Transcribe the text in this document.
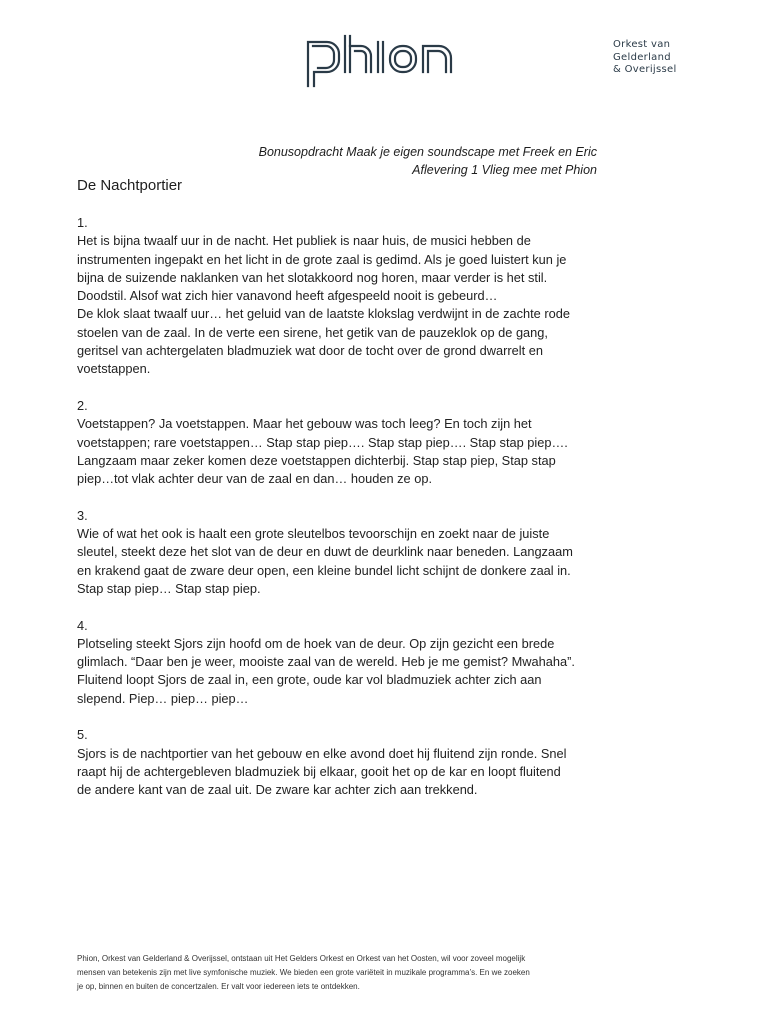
Orkest van
Gelderland
& Overijssel
Bonusopdracht Maak je eigen soundscape met Freek en Eric
Aflevering 1 Vlieg mee met Phion
De Nachtportier
1.
Het is bijna twaalf uur in de nacht. Het publiek is naar huis, de musici hebben de
instrumenten ingepakt en het licht in de grote zaal is gedimd. Als je goed luistert kun je
bijna de suizende naklanken van het slotakkoord nog horen, maar verder is het stil.
Doodstil. Alsof wat zich hier vanavond heeft afgespeeld nooit is gebeurd…
De klok slaat twaalf uur… het geluid van de laatste klokslag verdwijnt in de zachte rode
stoelen van de zaal. In de verte een sirene, het getik van de pauzeklok op de gang,
geritsel van achtergelaten bladmuziek wat door de tocht over de grond dwarrelt en
voetstappen.
2.
Voetstappen? Ja voetstappen. Maar het gebouw was toch leeg? En toch zijn het
voetstappen; rare voetstappen… Stap stap piep…. Stap stap piep…. Stap stap piep….
Langzaam maar zeker komen deze voetstappen dichterbij. Stap stap piep, Stap stap
piep…tot vlak achter deur van de zaal en dan… houden ze op.
3.
Wie of wat het ook is haalt een grote sleutelbos tevoorschijn en zoekt naar de juiste
sleutel, steekt deze het slot van de deur en duwt de deurklink naar beneden. Langzaam
en krakend gaat de zware deur open, een kleine bundel licht schijnt de donkere zaal in.
Stap stap piep… Stap stap piep.
4.
Plotseling steekt Sjors zijn hoofd om de hoek van de deur. Op zijn gezicht een brede
glimlach. “Daar ben je weer, mooiste zaal van de wereld. Heb je me gemist? Mwahaha”.
Fluitend loopt Sjors de zaal in, een grote, oude kar vol bladmuziek achter zich aan
slepend. Piep… piep… piep…
5.
Sjors is de nachtportier van het gebouw en elke avond doet hij fluitend zijn ronde. Snel
raapt hij de achtergebleven bladmuziek bij elkaar, gooit het op de kar en loopt fluitend
de andere kant van de zaal uit. De zware kar achter zich aan trekkend.
Phion, Orkest van Gelderland & Overijssel, ontstaan uit Het Gelders Orkest en Orkest van het Oosten, wil voor zoveel mogelijk
mensen van betekenis zijn met live symfonische muziek. We bieden een grote variëteit in muzikale programma’s. En we zoeken
je op, binnen en buiten de concertzalen. Er valt voor iedereen iets te ontdekken.
